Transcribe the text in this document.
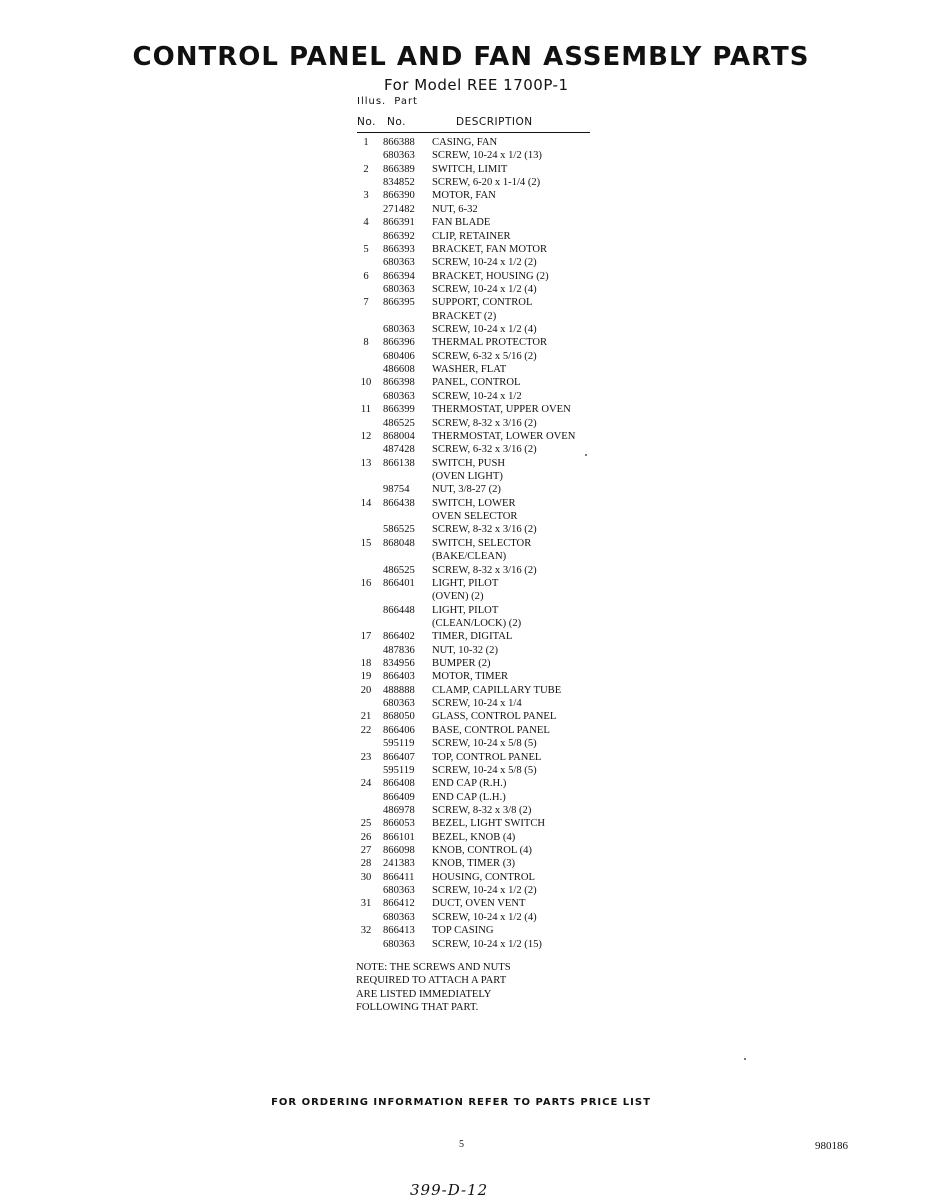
CONTROL PANEL AND FAN ASSEMBLY PARTS
For Model REE 1700P-1
Illus. Part
No. No.	DESCRIPTION
1	866388 CASING, FAN
680363 SCREW, 10-24 x 1/2 (13)
2	866389 SWITCH, LIMIT
834852 SCREW, 6-20 x 1-1/4 (2)
3	866390 MOTOR, FAN
271482 NUT, 6-32
4	866391 FAN BLADE
866392 CLIP, RETAINER
5	866393 BRACKET, FAN MOTOR
680363 SCREW, 10-24 x 1/2 (2)
6	866394 BRACKET, HOUSING (2)
680363 SCREW, 10-24 x 1/2 (4)
7	866395 SUPPORT, CONTROL
BRACKET (2)
680363 SCREW, 10-24 x 1/2 (4)
8	866396 THERMAL PROTECTOR
680406 SCREW, 6-32 x 5/16 (2)
486608 WASHER, FLAT
10	866398 PANEL, CONTROL
680363 SCREW, 10-24 x 1/2
11	866399 THERMOSTAT, UPPER OVEN
486525 SCREW, 8-32 x 3/16 (2)
12	868004 THERMOSTAT, LOWER OVEN
487428 SCREW, 6-32 x 3/16 (2)
13	866138 SWITCH, PUSH
(OVEN LIGHT)
98754 NUT, 3/8-27 (2)
14	866438 SWITCH, LOWER
OVEN SELECTOR
586525 SCREW, 8-32 x 3/16 (2)
15	868048 SWITCH, SELECTOR
(BAKE/CLEAN)
486525 SCREW, 8-32 x 3/16 (2)
16	866401 LIGHT, PILOT
(OVEN) (2)
866448 LIGHT, PILOT
(CLEAN/LOCK) (2)
17	866402 TIMER, DIGITAL
487836 NUT, 10-32 (2)
18	834956 BUMPER (2)
19	866403 MOTOR, TIMER
20	488888 CLAMP, CAPILLARY TUBE
680363 SCREW, 10-24 x 1/4
21	868050 GLASS, CONTROL PANEL
22	866406 BASE, CONTROL PANEL
595119 SCREW, 10-24 x 5/8 (5)
23	866407 TOP, CONTROL PANEL
595119 SCREW, 10-24 x 5/8 (5)
24	866408 END CAP (R.H.)
866409 END CAP (L.H.)
486978 SCREW, 8-32 x 3/8 (2)
25	866053 BEZEL, LIGHT SWITCH
26	866101 BEZEL, KNOB (4)
27	866098 KNOB, CONTROL (4)
28	241383 KNOB, TIMER (3)
30	866411 HOUSING, CONTROL
680363 SCREW, 10-24 x 1/2 (2)
31	866412 DUCT, OVEN VENT
680363 SCREW, 10-24 x 1/2 (4)
32	866413 TOP CASING
680363 SCREW, 10-24 x 1/2 (15)
NOTE: THE SCREWS AND NUTS
REQUIRED TO ATTACH A PART
ARE LISTED IMMEDIATELY
FOLLOWING THAT PART.
FOR ORDERING INFORMATION REFER TO PARTS PRICE LIST
5	980186
399-D-12
